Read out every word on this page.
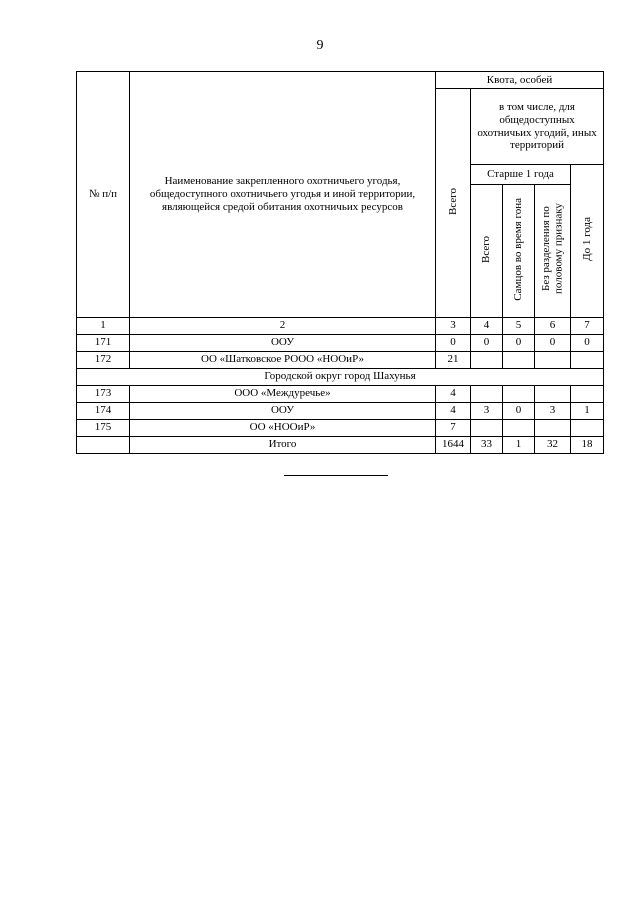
9
№ п/п	Наименование закрепленного охотничьего угодья, общедоступного охотничьего угодья и иной территории, являющейся средой обитания охотничьих ресурсов	Квота, особей				
		Всего	в том числе, для общедоступных охотничьих угодий, иных территорий			
			Старше 1 года			До 1 года
			Всего	Самцов во время гона	Без разделения по половому признаку	
1	2	3	4	5	6	7
171	ООУ	0	0	0	0	0
172	ОО «Шатковское РООО «НООиР»	21				
Городской округ город Шахунья						
173	ООО «Междуречье»	4				
174	ООУ	4	3	0	3	1
175	ОО «НООиР»	7				
	Итого	1644	33	1	32	18
